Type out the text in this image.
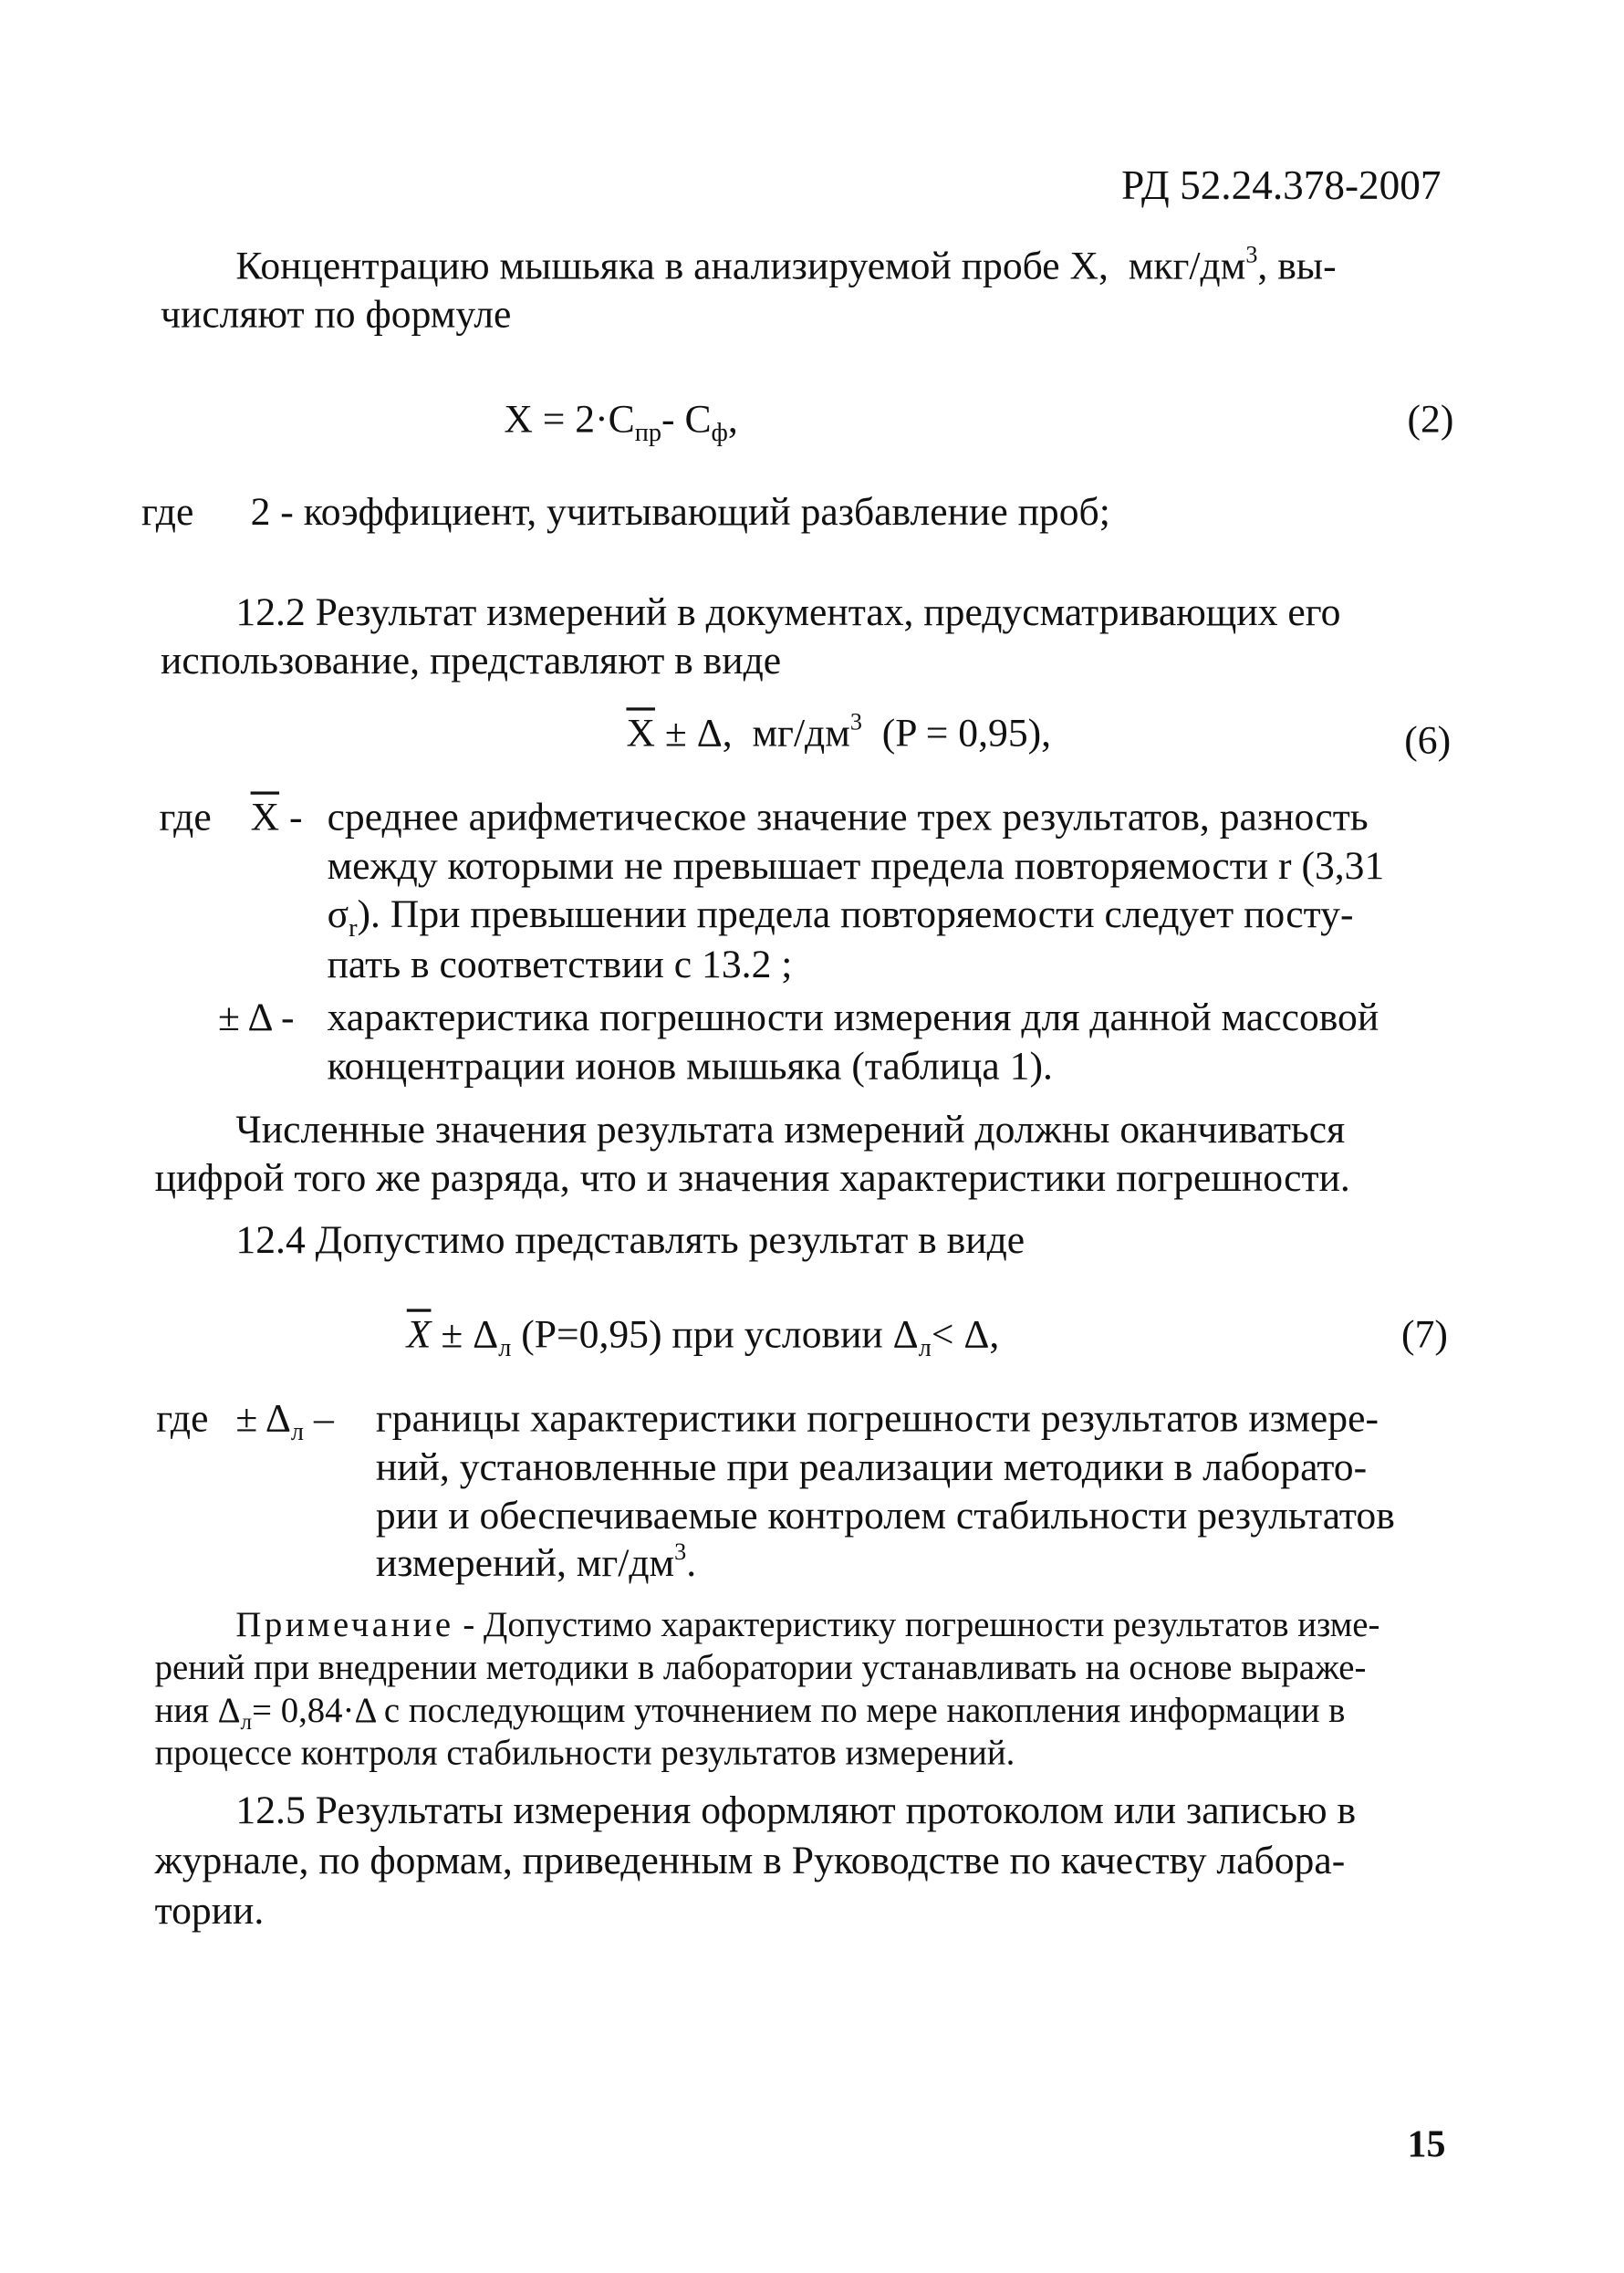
РД 52.24.378-2007
Концентрацию мышьяка в анализируемой пробе X, мкг/$дм^3$, вы-
числяют по формуле
$X = 2\cdot C_{пр}-$ $C_ф$,	(2)
где 2 - коэффициент, учитывающий разбавление проб;
12.2 Результат измерений в документах, предусматривающих его
использование, представляют в виде
$\overline{X} \pm \Delta$, $мг/дм^3$ (P = 0,95),	(6)
где $\overline{X}$ - среднее арифметическое значение трех результатов, разность
между которыми не превышает предела повторяемости r (3,31
$\sigma_r$). При превышении предела повторяемости следует посту-
пать в соответствии с 13.2 ;
± Δ - характеристика погрешности измерения для данной массовой
концентрации ионов мышьяка (таблица 1).
Численные значения результата измерений должны оканчиваться
цифрой того же разряда, что и значения характеристики погрешности.
12.4 Допустимо представлять результат в виде
$\overline{X} \pm \Delta_л$ (P=0,95) при условии $\Delta_л< \Delta$,	(7)
где ± $\Delta_л$ – границы характеристики погрешности результатов измере-
ний, установленные при реализации методики в лаборато-
рии и обеспечиваемые контролем стабильности результатов
измерений, $мг/дм^3$.
Примечание - Допустимо характеристику погрешности результатов изме-
рений при внедрении методики в лаборатории устанавливать на основе выраже-
ния $\Delta_л= 0,84\cdot\Delta$ с последующим уточнением по мере накопления информации в
процессе контроля стабильности результатов измерений.
12.5 Результаты измерения оформляют протоколом или записью в
журнале, по формам, приведенным в Руководстве по качеству лабора-
тории.
15
